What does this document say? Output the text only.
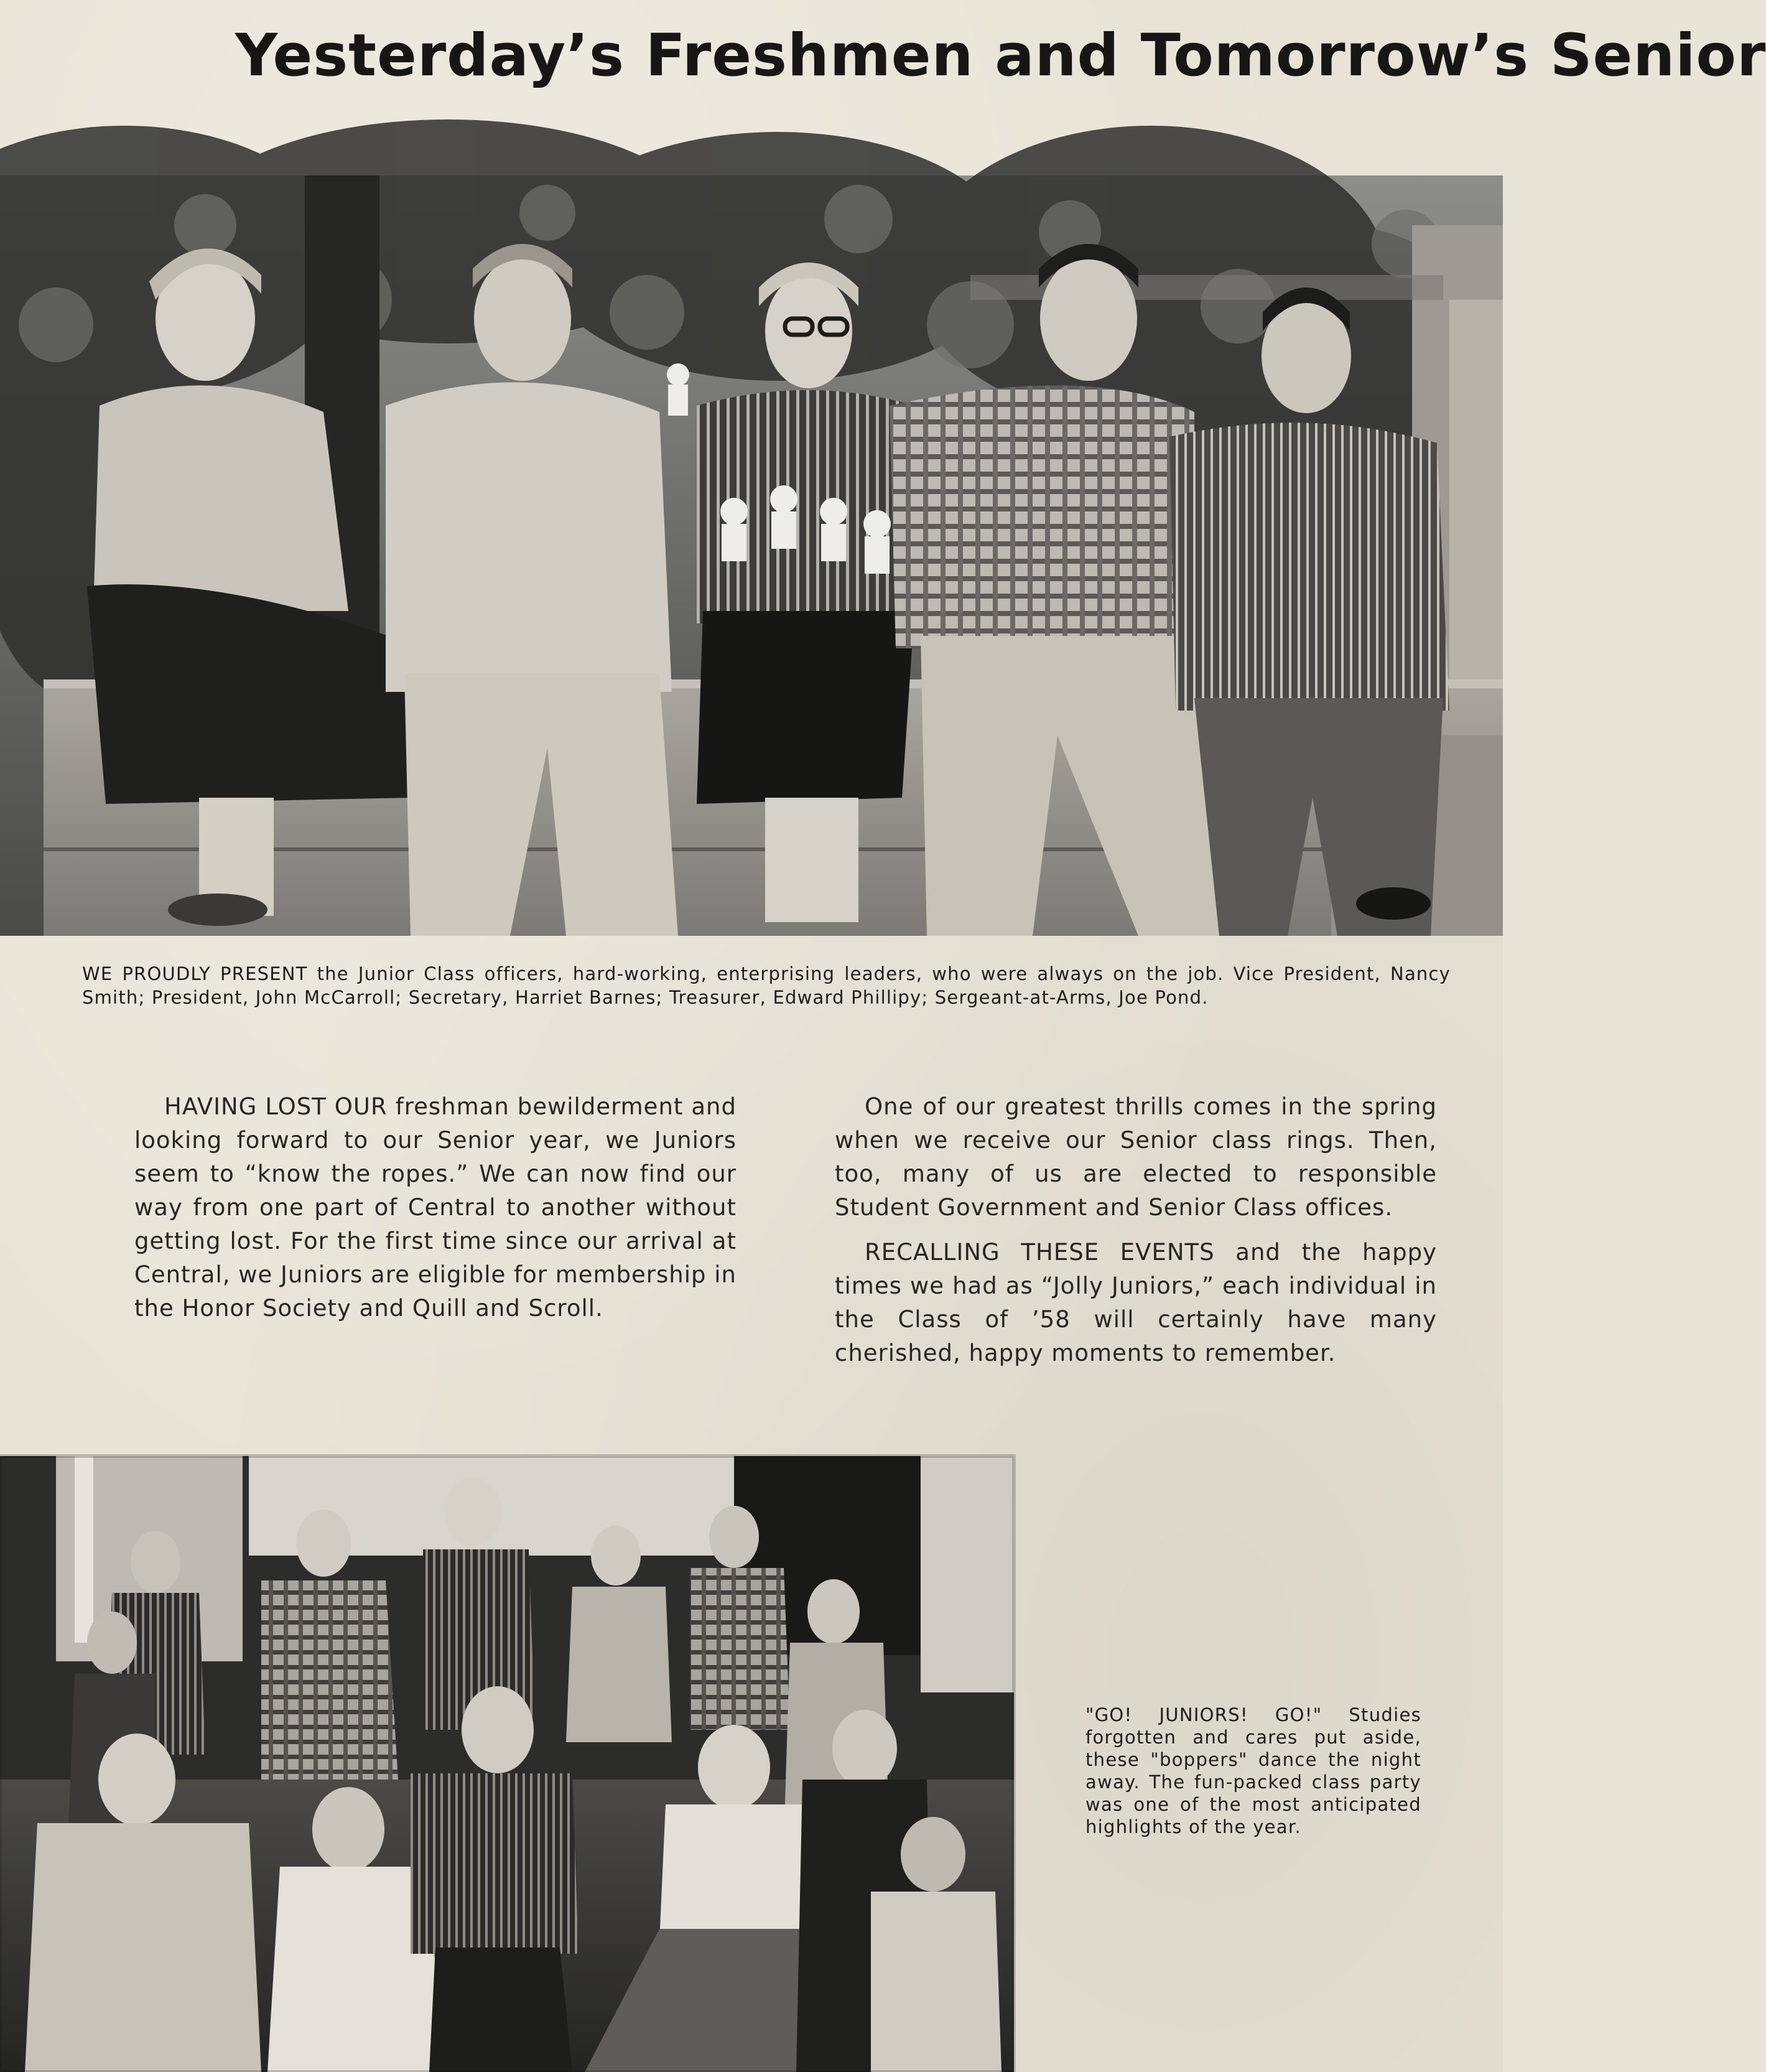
Yesterday’s Freshmen and Tomorrow’s Senior

WE PROUDLY PRESENT the Junior Class officers, hard-working, enterprising leaders, who were always on the job. Vice President, Nancy Smith; President, John McCarroll; Secretary, Harriet Barnes; Treasurer, Edward Phillipy; Sergeant-at-Arms, Joe Pond.

HAVING LOST OUR freshman bewilderment and looking forward to our Senior year, we Juniors seem to “know the ropes.” We can now find our way from one part of Central to another without getting lost. For the first time since our arrival at Central, we Juniors are eligible for membership in the Honor Society and Quill and Scroll.

One of our greatest thrills comes in the spring when we receive our Senior class rings. Then, too, many of us are elected to responsible Student Government and Senior Class offices.

RECALLING THESE EVENTS and the happy times we had as “Jolly Juniors,” each individual in the Class of ’58 will certainly have many cherished, happy moments to remember.

"GO! JUNIORS! GO!" Studies forgotten and cares put aside, these "boppers" dance the night away. The fun-packed class party was one of the most anticipated highlights of the year.
